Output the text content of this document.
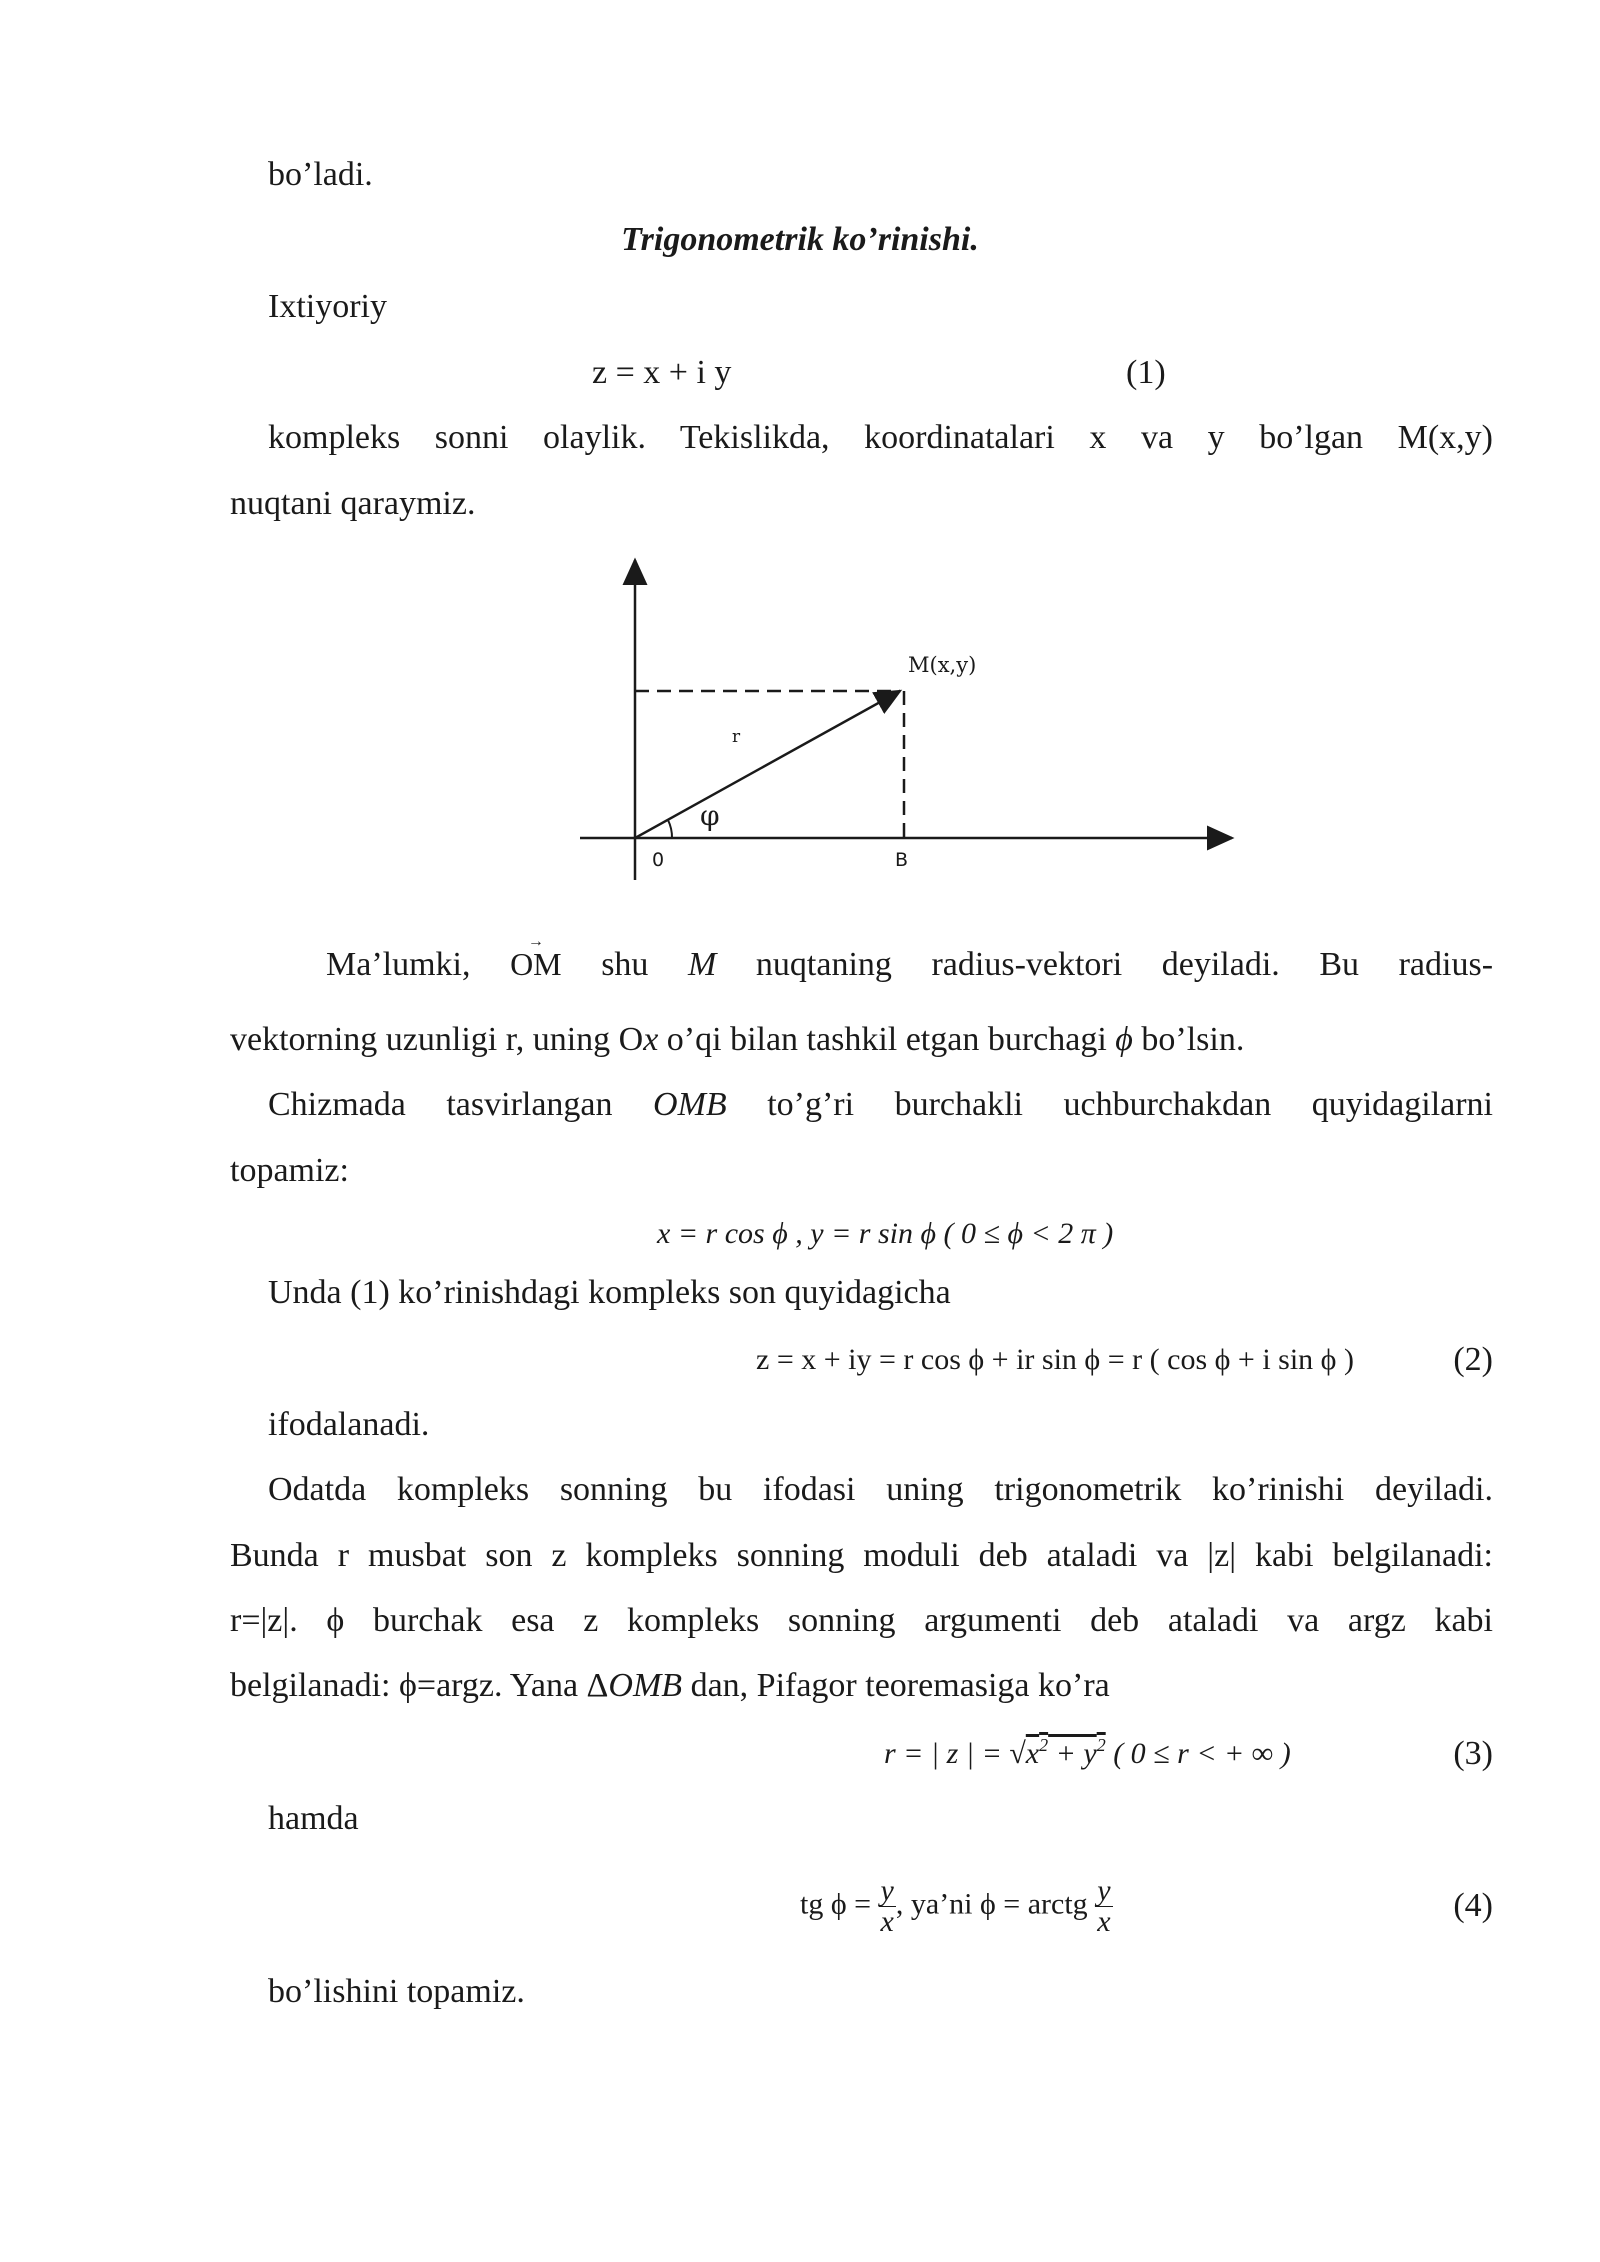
bo’ladi.
Trigonometrik ko’rinishi.
Ixtiyoriy
z = x + i y	(1)
kompleks sonni olaylik. Tekislikda, koordinatalari x va y bo’lgan M(x,y)
nuqtani qaraymiz.
M(x,y)
r
φ
0	B
Ma’lumki, → OM shu M nuqtaning radius-vektori deyiladi. Bu radius-
vektorning uzunligi r, uning Ox o’qi bilan tashkil etgan burchagi ϕ bo’lsin.
Chizmada tasvirlangan OMB to’g’ri burchakli uchburchakdan quyidagilarni
topamiz:
x = r cos ϕ , y = r sin ϕ ( 0 ≤ ϕ < 2 π )
Unda (1) ko’rinishdagi kompleks son quyidagicha
z = x + iy = r cos ϕ + ir sin ϕ = r ( cos ϕ + i sin ϕ )	(2)
ifodalanadi.
Odatda kompleks sonning bu ifodasi uning trigonometrik ko’rinishi deyiladi.
Bunda r musbat son z kompleks sonning moduli deb ataladi va |z| kabi belgilanadi:
r=|z|. ϕ burchak esa z kompleks sonning argumenti deb ataladi va argz kabi
belgilanadi: ϕ=argz. Yana ΔOMB dan, Pifagor teoremasiga ko’ra
r = | z | = $√x^2 + y^2$ ( 0 ≤ r < + ∞ )	(3)
hamda
tg $\phi = \frac{y}{x}$ , ya’ni ϕ = arctg $\frac{y}{x}$	(4)
bo’lishini topamiz.
